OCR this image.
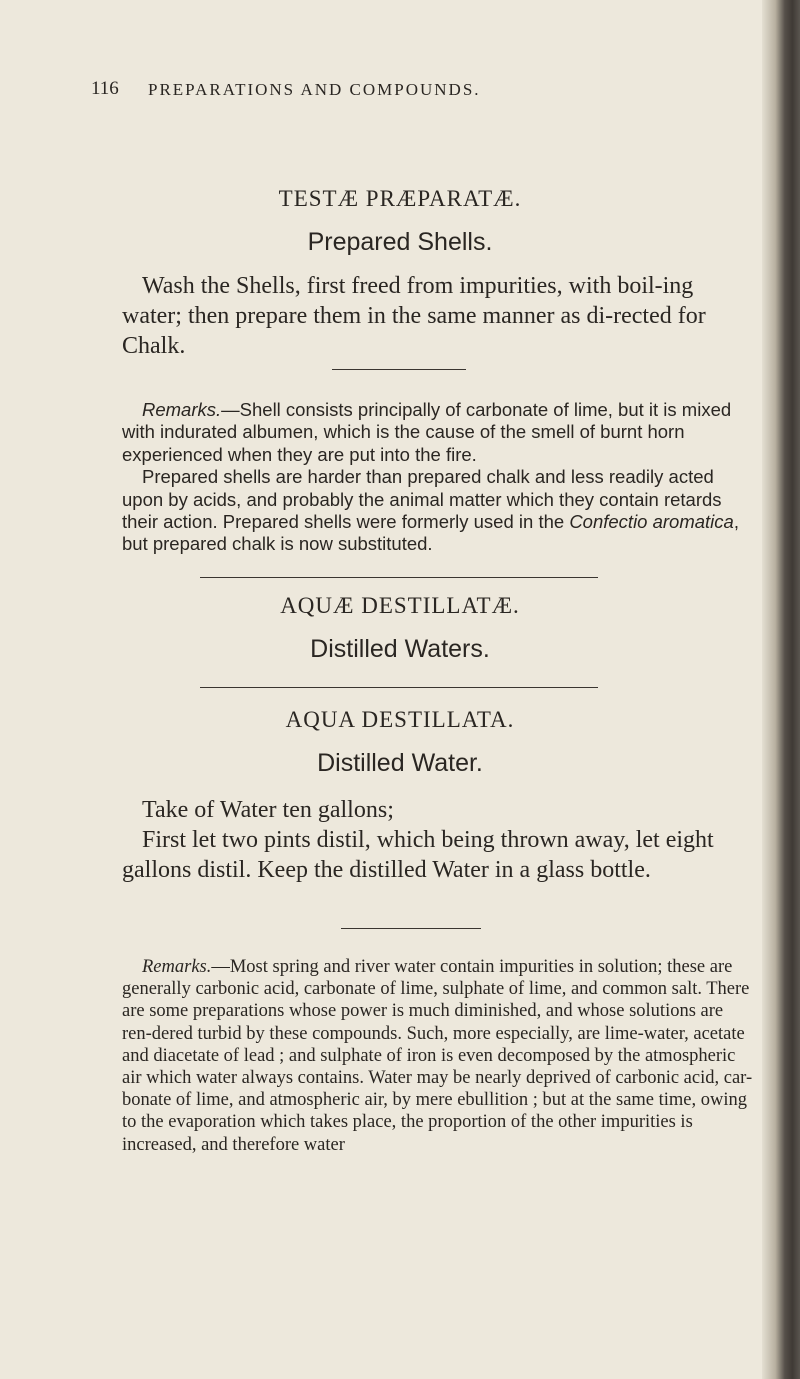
116 PREPARATIONS AND COMPOUNDS.
TESTÆ PRÆPARATÆ.
Prepared Shells.

Wash the Shells, first freed from impurities, with boil-ing water; then prepare them in the same manner as di-rected for Chalk.

Remarks.—Shell consists principally of carbonate of lime, but it is mixed with indurated albumen, which is the cause of the smell of burnt horn experienced when they are put into the fire.

Prepared shells are harder than prepared chalk and less readily acted upon by acids, and probably the animal matter which they contain retards their action. Prepared shells were formerly used in the Confectio aromatica, but prepared chalk is now substituted.

AQUÆ DESTILLATÆ.
Distilled Waters.
AQUA DESTILLATA.
Distilled Water.

Take of Water ten gallons;

First let two pints distil, which being thrown away, let eight gallons distil. Keep the distilled Water in a glass bottle.

Remarks.—Most spring and river water contain impurities in solution; these are generally carbonic acid, carbonate of lime, sulphate of lime, and common salt. There are some preparations whose power is much diminished, and whose solutions are ren-dered turbid by these compounds. Such, more especially, are lime-water, acetate and diacetate of lead ; and sulphate of iron is even decomposed by the atmospheric air which water always contains. Water may be nearly deprived of carbonic acid, car-bonate of lime, and atmospheric air, by mere ebullition ; but at the same time, owing to the evaporation which takes place, the proportion of the other impurities is increased, and therefore water
